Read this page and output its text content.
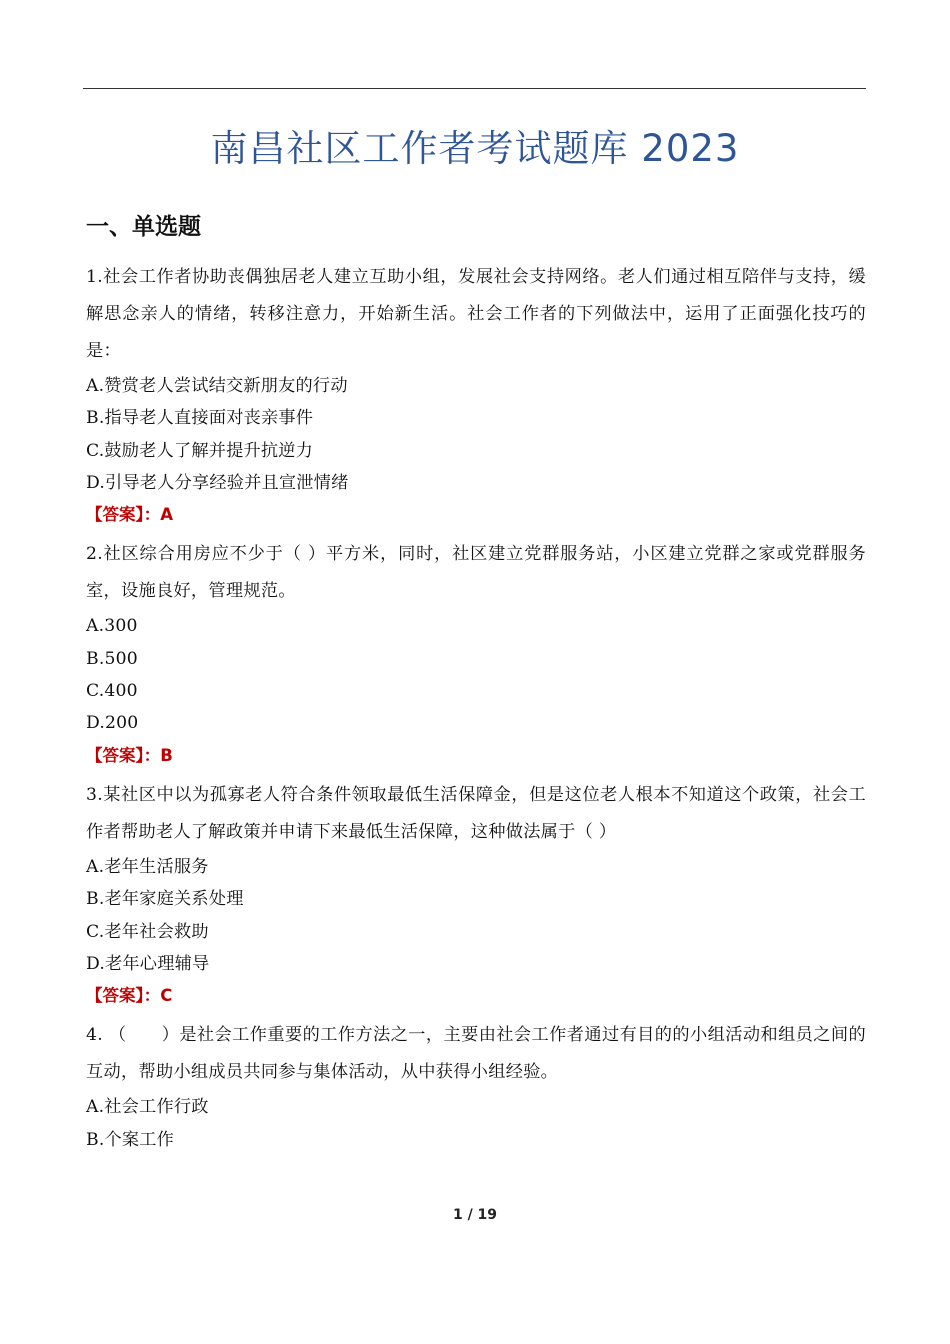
南昌社区工作者考试题库 2023
一、单选题
1.社会工作者协助丧偶独居老人建立互助小组，发展社会支持网络。老人们通过相互陪伴与支持，缓解思念亲人的情绪，转移注意力，开始新生活。社会工作者的下列做法中，运用了正面强化技巧的是：
A.赞赏老人尝试结交新朋友的行动
B.指导老人直接面对丧亲事件
C.鼓励老人了解并提升抗逆力
D.引导老人分享经验并且宣泄情绪
【答案】：A
2.社区综合用房应不少于（ ）平方米，同时，社区建立党群服务站，小区建立党群之家或党群服务室，设施良好，管理规范。
A.300
B.500
C.400
D.200
【答案】：B
3.某社区中以为孤寡老人符合条件领取最低生活保障金，但是这位老人根本不知道这个政策，社会工作者帮助老人了解政策并申请下来最低生活保障，这种做法属于（ ）
A.老年生活服务
B.老年家庭关系处理
C.老年社会救助
D.老年心理辅导
【答案】：C
4. （　　）是社会工作重要的工作方法之一，主要由社会工作者通过有目的的小组活动和组员之间的互动，帮助小组成员共同参与集体活动，从中获得小组经验。
A.社会工作行政
B.个案工作
1 / 19
